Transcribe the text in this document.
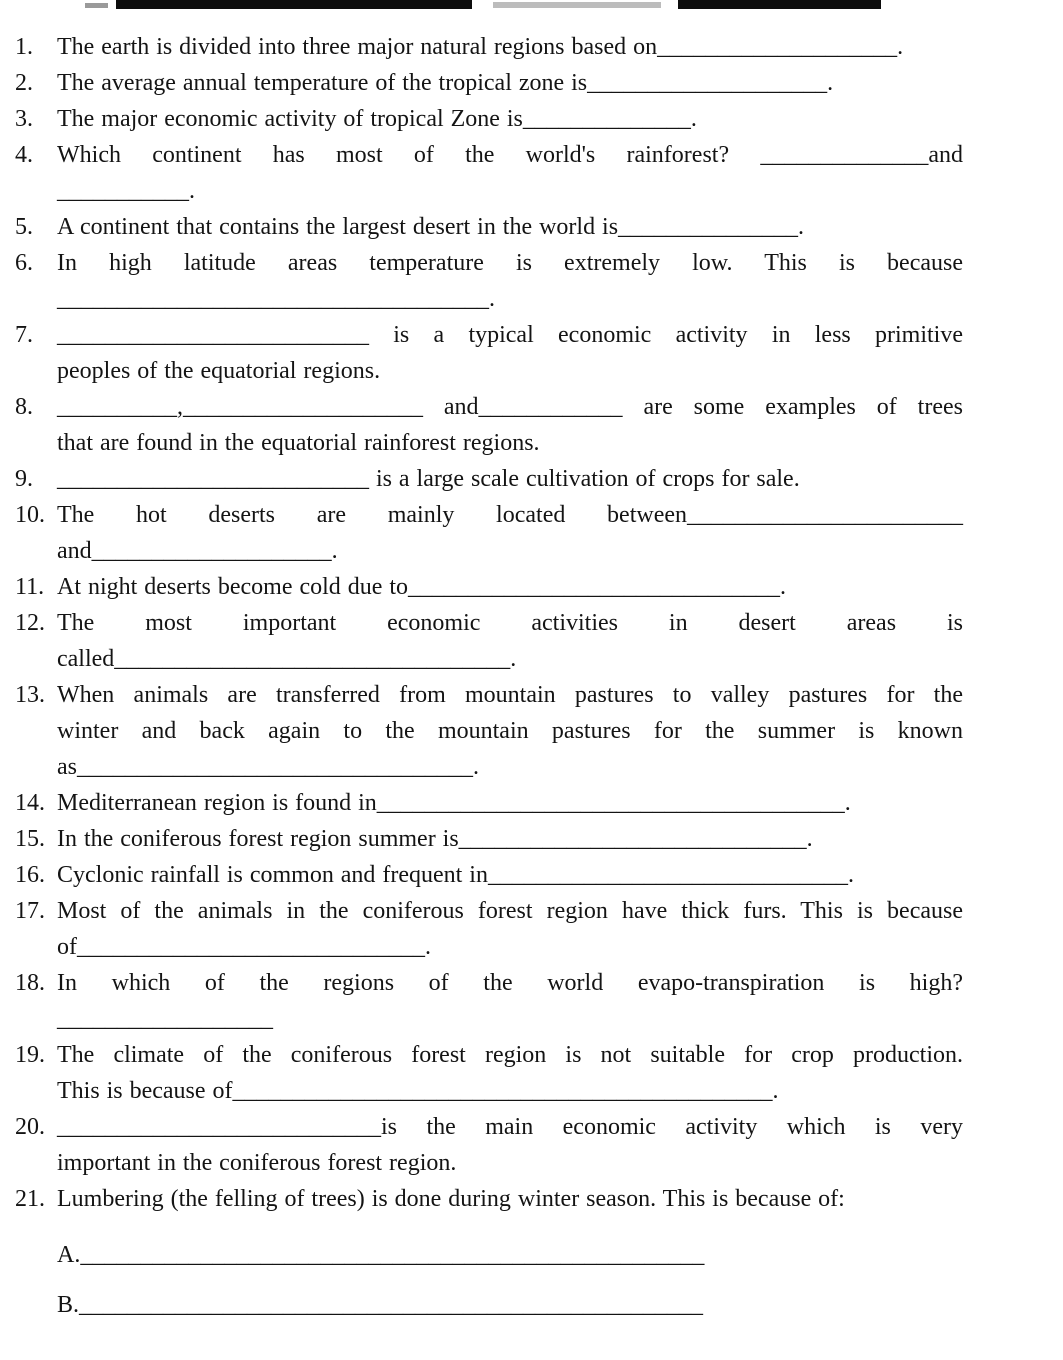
1.	The earth is divided into three major natural regions based on____________________.
2.	The average annual temperature of the tropical zone is____________________.
3.	The major economic activity of tropical Zone is______________.
4.	Which continent has most of the world's rainforest? ______________and
___________.
5.	A continent that contains the largest desert in the world is_______________.
6.	In high latitude areas temperature is extremely low. This is because
____________________________________.
7.	__________________________ is a typical economic activity in less primitive
peoples of the equatorial regions.
8.	__________,____________________ and____________ are some examples of trees
that are found in the equatorial rainforest regions.
9.	__________________________ is a large scale cultivation of crops for sale.
10. The hot deserts are mainly located between_______________________
and____________________.
11. At night deserts become cold due to_______________________________.
12. The most important economic activities in desert areas is
called_________________________________.
13. When animals are transferred from mountain pastures to valley pastures for the
winter and back again to the mountain pastures for the summer is known
as_________________________________.
14. Mediterranean region is found in_______________________________________.
15. In the coniferous forest region summer is_____________________________.
16. Cyclonic rainfall is common and frequent in______________________________.
17. Most of the animals in the coniferous forest region have thick furs. This is because
of_____________________________.
18. In which of the regions of the world evapo-transpiration is high?
__________________
19. The climate of the coniferous forest region is not suitable for crop production.
This is because of_____________________________________________.
20. ___________________________is the main economic activity which is very
important in the coniferous forest region.
21. Lumbering (the felling of trees) is done during winter season. This is because of:
A.____________________________________________________
B.____________________________________________________
